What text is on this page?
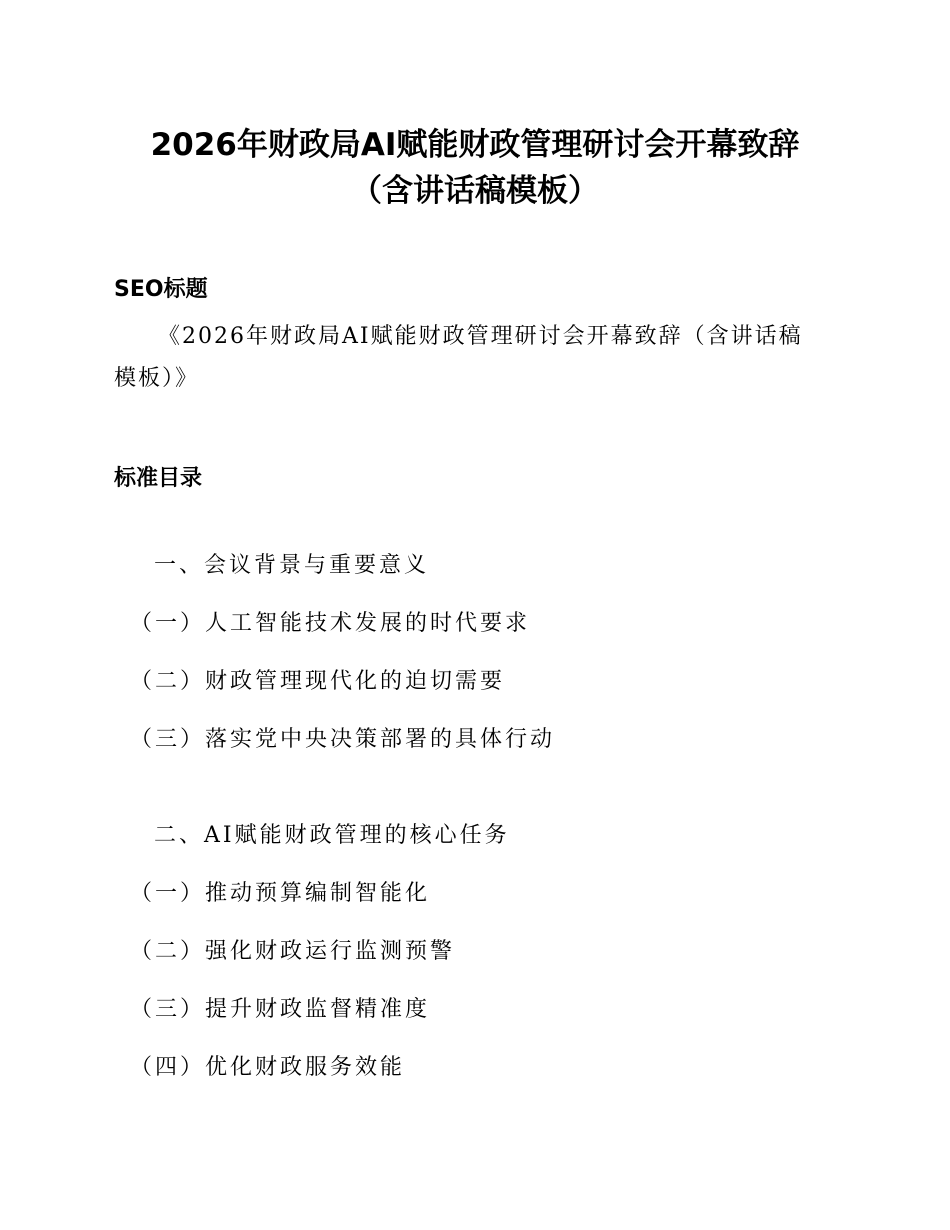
2026年财政局AI赋能财政管理研讨会开幕致辞
（含讲话稿模板）
SEO标题
《2026年财政局AI赋能财政管理研讨会开幕致辞（含讲话稿
模板）》
标准目录
一、会议背景与重要意义
（一）人工智能技术发展的时代要求
（二）财政管理现代化的迫切需要
（三）落实党中央决策部署的具体行动
二、AI赋能财政管理的核心任务
（一）推动预算编制智能化
（二）强化财政运行监测预警
（三）提升财政监督精准度
（四）优化财政服务效能
